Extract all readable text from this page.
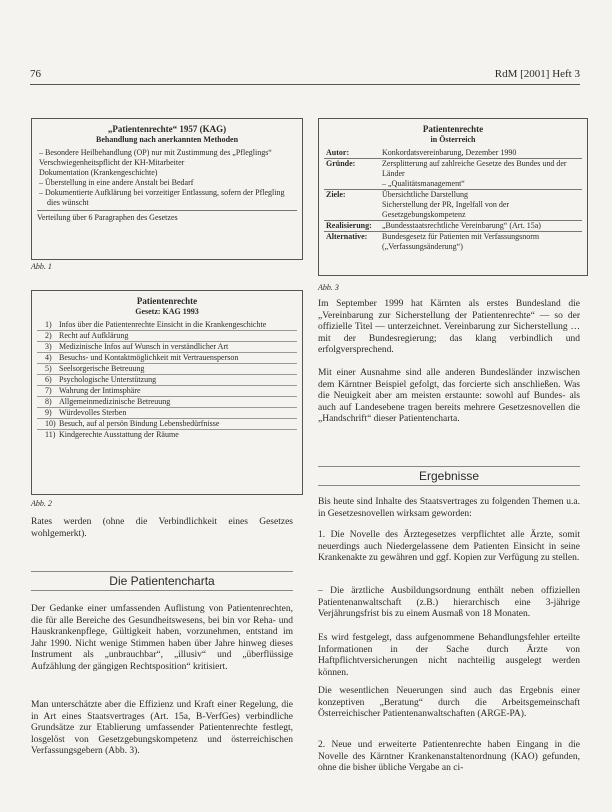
76	RdM [2001] Heft 3
„Patientenrechte“ 1957 (KAG)
Behandlung nach anerkannten Methoden

– Besondere Heilbehandlung (OP) nur mit Zustimmung des „Pfleglings“

Verschwiegenheitspflicht der KH-Mitarbeiter

Dokumentation (Krankengeschichte)

– Überstellung in eine andere Anstalt bei Bedarf

– Dokumentierte Aufklärung bei vorzeitiger Entlassung, sofern der Pflegling dies wünscht

Verteilung über 6 Paragraphen des Gesetzes
Abb. 1
Patientenrechte
Gesetz: KAG 1993

1) Infos über die Patientenrechte Einsicht in die Krankengeschichte

2) Recht auf Aufklärung

3) Medizinische Infos auf Wunsch in verständlicher Art

4) Besuchs- und Kontaktmöglichkeit mit Vertrauensperson

5) Seelsorgerische Betreuung

6) Psychologische Unterstützung

7) Wahrung der Intimsphäre

8) Allgemeinmedizinische Betreuung

9) Würdevolles Sterben

10) Besuch, auf al persön Bindung Lebensbedürfnisse

11) Kindgerechte Ausstattung der Räume

Abb. 2
Rates werden (ohne die Verbindlichkeit eines Gesetzes wohlgemerkt).
Die Patientencharta
Der Gedanke einer umfassenden Auflistung von Patientenrechten, die für alle Bereiche des Gesundheitswesens, bei bin vor Reha- und Hauskrankenpflege, Gültigkeit haben, vorzunehmen, entstand im Jahr 1990. Nicht wenige Stimmen haben über Jahre hinweg dieses Instrument als „unbrauchbar“, „illusiv“ und „überflüssige Aufzählung der gängigen Rechtsposition“ kritisiert.
Man unterschätzte aber die Effizienz und Kraft einer Regelung, die in Art eines Staatsvertrages (Art. 15a, B-VerfGes) verbindliche Grundsätze zur Etablierung umfassender Patientenrechte festlegt, losgelöst von Gesetzgebungskompetenz und österreichischen Verfassungsgebern (Abb. 3).
Patientenrechte
in Österreich
Autor:	Konkordatsvereinbarung, Dezember 1990

Gründe:	Zersplitterung auf zahlreiche Gesetze des Bundes und der Länder
– „Qualitätsmanagement“

Ziele:	Übersichtliche Darstellung
Sicherstellung der PR, Ingelfall von der Gesetzgebungskompetenz

Realisierung:	„Bundesstaatsrechtliche Vereinbarung“ (Art. 15a)

Alternative:	Bundesgesetz für Patienten mit Verfassungsnorm („Verfassungsänderung“)
Abb. 3
Im September 1999 hat Kärnten als erstes Bundesland die „Vereinbarung zur Sicherstellung der Patientenrechte“ — so der offizielle Titel — unterzeichnet. Vereinbarung zur Sicherstellung … mit der Bundesregierung; das klang verbindlich und erfolgversprechend.
Mit einer Ausnahme sind alle anderen Bundesländer inzwischen dem Kärntner Beispiel gefolgt, das forcierte sich anschließen. Was die Neuigkeit aber am meisten erstaunte: sowohl auf Bundes- als auch auf Landesebene tragen bereits mehrere Gesetzesnovellen die „Handschrift“ dieser Patientencharta.
Ergebnisse
Bis heute sind Inhalte des Staatsvertrages zu folgenden Themen u.a. in Gesetzesnovellen wirksam geworden:
1. Die Novelle des Ärztegesetzes verpflichtet alle Ärzte, somit neuerdings auch Niedergelassene dem Patienten Einsicht in seine Krankenakte zu gewähren und ggf. Kopien zur Verfügung zu stellen.
– Die ärztliche Ausbildungsordnung enthält neben offiziellen Patientenanwaltschaft (z.B.) hierarchisch eine 3-jährige Verjährungsfrist bis zu einem Ausmaß von 18 Monaten.
Es wird festgelegt, dass aufgenommene Behandlungsfehler erteilte Informationen in der Sache durch Ärzte von Haftpflichtversicherungen nicht nachteilig ausgelegt werden können.
Die wesentlichen Neuerungen sind auch das Ergebnis einer konzeptiven „Beratung“ durch die Arbeitsgemeinschaft Österreichischer Patientenanwaltschaften (ARGE-PA).
2. Neue und erweiterte Patientenrechte haben Eingang in die Novelle des Kärntner Krankenanstaltenordnung (KAO) gefunden, ohne die bisher übliche Vergabe an ci-
